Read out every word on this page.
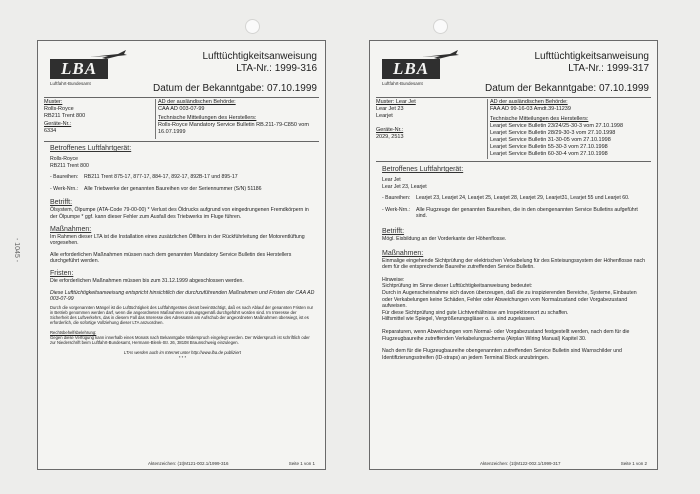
- 1045 -
LBA
Luftfahrt-Bundesamt
Lufttüchtigkeitsanweisung
LTA-Nr.: 1999-316
Datum der Bekanntgabe: 07.10.1999
Muster:
Rolls-Royce
RB211 Trent 800
Geräte-Nr.:
6334
AD der ausländischen Behörde:
CAA AD 003-07-99
Technische Mitteilungen des Herstellers:
Rolls-Royce Mandatory Service Bulletin RB.211-79-C850 vom 16.07.1999
Betroffenes Luftfahrtgerät:
Rolls-Royce
RB211 Trent 800
- Baureihen:	RB211 Trent 875-17, 877-17, 884-17, 892-17, 892B-17 und 895-17
- Werk-Nrn.:	Alle Triebwerke der genannten Baureihen vor der Seriennummer (S/N) 51186
Betrifft:

Ölsystem, Ölpumpe (ATA-Code 79-00-00) * Verlust des Öldrucks aufgrund von eingedrungenen Fremdkörpern in der Ölpumpe * ggf. kann dieser Fehler zum Ausfall des Triebwerks im Fluge führen.

Maßnahmen:

Im Rahmen dieser LTA ist die Installation eines zusätzlichen Ölfilters in der Rückführleitung der Motorentlüftung vorgesehen.

Alle erforderlichen Maßnahmen müssen nach dem genannten Mandatory Service Bulletin des Herstellers durchgeführt werden.

Fristen:

Die erforderlichen Maßnahmen müssen bis zum 31.12.1999 abgeschlossen werden.

Diese Lufttüchtigkeitsanweisung entspricht hinsichtlich der durchzuführenden Maßnahmen und Fristen der CAA AD 003-07-99

Durch die vorgenannten Mängel ist die Lufttüchtigkeit des Luftfahrtgerätes derart beeinträchtigt, daß es nach Ablauf der genannten Fristen nur in Betrieb genommen werden darf, wenn die angeordneten Maßnahmen ordnungsgemäß durchgeführt worden sind. Im Interesse der Sicherheit des Luftverkehrs, das in diesem Fall das Interesse des Adressaten am Aufschub der angeordneten Maßnahmen überwiegt, ist es erforderlich, die sofortige Vollziehung dieser LTA anzuordnen.

Rechtsbehelfsbelehrung:

Gegen diese Verfügung kann innerhalb eines Monats nach Bekanntgabe Widerspruch eingelegt werden. Der Widerspruch ist schriftlich oder zur Niederschrift beim Luftfahrt-Bundesamt, Hermann-Blenk-Str. 26, 38108 Braunschweig einzulegen.

LTAs werden auch im Internet unter http://www.lba.de publiziert

* * *

Aktenzeichen: (1t)M121-002.1/1999-316	Seite 1 von 1
LBA
Luftfahrt-Bundesamt
Lufttüchtigkeitsanweisung
LTA-Nr.: 1999-317
Datum der Bekanntgabe: 07.10.1999
Muster: Lear Jet
Lear Jet 23
Learjet
Geräte-Nr.:
2029, 2513
AD der ausländischen Behörde:
FAA AD 99-16-03 Amdt.39-11239
Technische Mitteilungen des Herstellers:
Learjet Service Bulletin 23/24/25-30-3 vom 27.10.1998
Learjet Service Bulletin 28/29-30-3 vom 27.10.1998
Learjet Service Bulletin 31-30-05 vom 27.10.1998
Learjet Service Bulletin 55-30-3 vom 27.10.1998
Learjet Service Bulletin 60-30-4 vom 27.10.1998
Betroffenes Luftfahrtgerät:
Lear Jet
Lear Jet 23, Learjet
- Baureihen:	Learjet 23, Learjet 24, Learjet 25, Learjet 28, Learjet 29, Learjet31, Learjet 55 und Learjet 60.
- Werk-Nrn.:	Alle Flugzeuge der genannten Baureihen, die in den obengenannten Service Bulletins aufgeführt sind.
Betrifft:

Mögl. Eisbildung an der Vorderkante der Höhenflosse.

Maßnahmen:

Einmalige eingehende Sichtprüfung der elektrischen Verkabelung für des Enteisungssystem der Höhenflosse nach dem für die entsprechende Baureihe zutreffenden Service Bulletin.

Hinweise:
Sichtprüfung im Sinne dieser Lufttüchtigkeitsanweisung bedeutet:
Durch in Augenscheinnahme sich davon überzeugen, daß die zu inspizierenden Bereiche, Systeme, Einbauten oder Verkabelungen keine Schäden, Fehler oder Abweichungen vom Normalzustand oder Vorgabezustand aufweisen.
Für diese Sichtprüfung sind gute Lichtverhältnisse am Inspektionsort zu schaffen.
Hilfsmittel wie Spiegel, Vergrößerungsgläser o. ä. sind zugelassen.

Reparaturen, wenn Abweichungen vom Normal- oder Vorgabezustand festgestellt werden, nach dem für die Flugzeugbaureihe zutreffenden Verkabelungsschema (Airplan Wiring Manual) Kapitel 30.

Nach dem für die Flugzeugbaureihe obengenannten zutreffenden Service Bulletin sind Warnschilder und Identifizierungsstreifen (ID-straps) an jedem Terminal Block anzubringen.

Aktenzeichen: (1t)M122-002.1/1999-317	Seite 1 von 2
